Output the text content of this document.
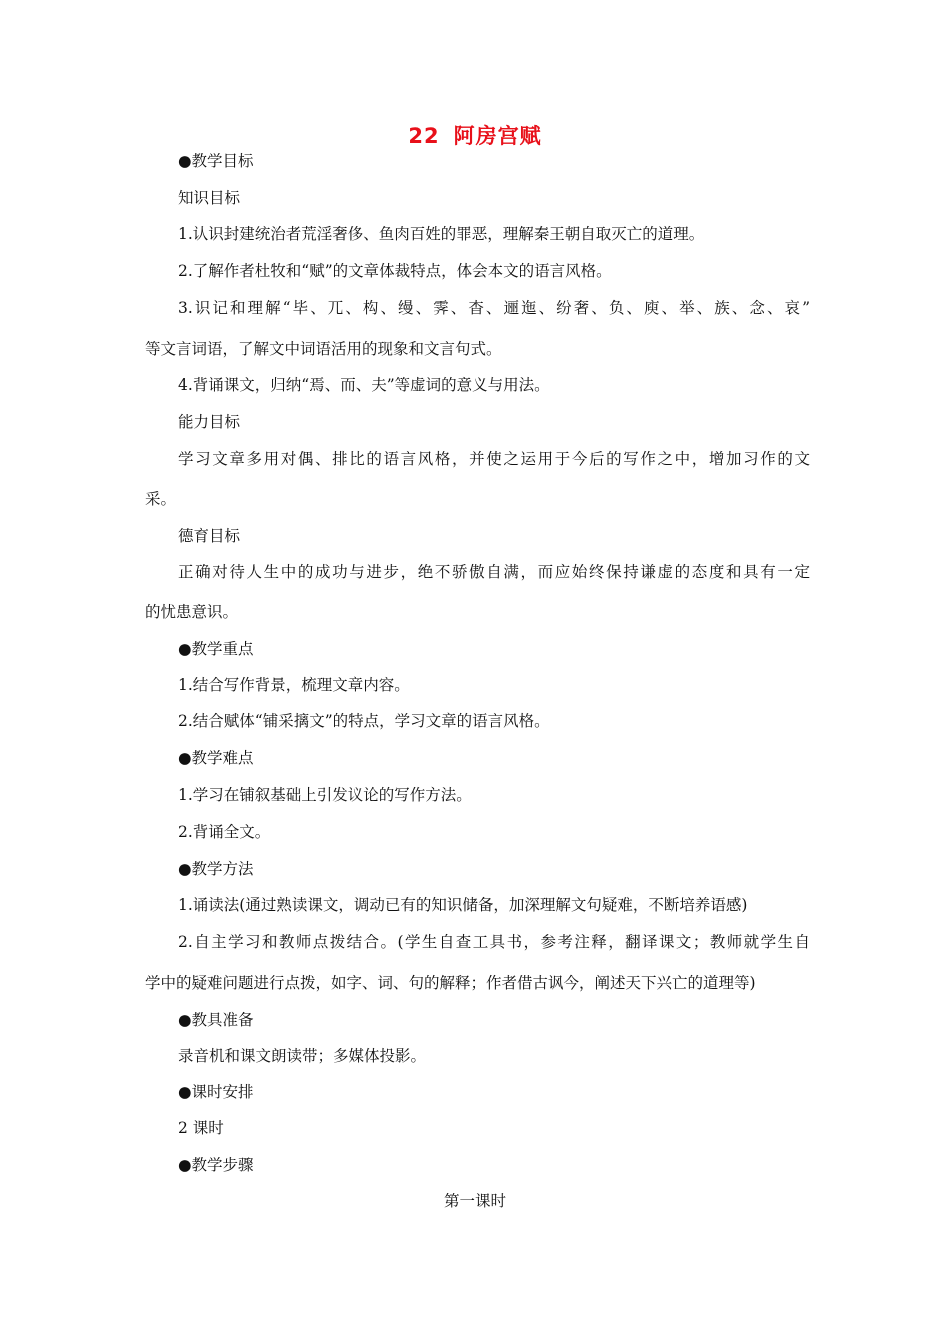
22 阿房宫赋
●教学目标
知识目标
1.认识封建统治者荒淫奢侈、鱼肉百姓的罪恶，理解秦王朝自取灭亡的道理。
2.了解作者杜牧和“赋”的文章体裁特点，体会本文的语言风格。
3.识记和理解“毕、兀、构、缦、霁、杳、逦迤、纷奢、负、庾、举、族、念、哀”
等文言词语，了解文中词语活用的现象和文言句式。
4.背诵课文，归纳“焉、而、夫”等虚词的意义与用法。
能力目标
学习文章多用对偶、排比的语言风格，并使之运用于今后的写作之中，增加习作的文
采。
德育目标
正确对待人生中的成功与进步，绝不骄傲自满，而应始终保持谦虚的态度和具有一定
的忧患意识。
●教学重点
1.结合写作背景，梳理文章内容。
2.结合赋体“铺采摛文”的特点，学习文章的语言风格。
●教学难点
1.学习在铺叙基础上引发议论的写作方法。
2.背诵全文。
●教学方法
1.诵读法(通过熟读课文，调动已有的知识储备，加深理解文句疑难，不断培养语感)
2.自主学习和教师点拨结合。(学生自查工具书，参考注释，翻译课文；教师就学生自
学中的疑难问题进行点拨，如字、词、句的解释；作者借古讽今，阐述天下兴亡的道理等)
●教具准备
录音机和课文朗读带；多媒体投影。
●课时安排
2 课时
●教学步骤
第一课时
